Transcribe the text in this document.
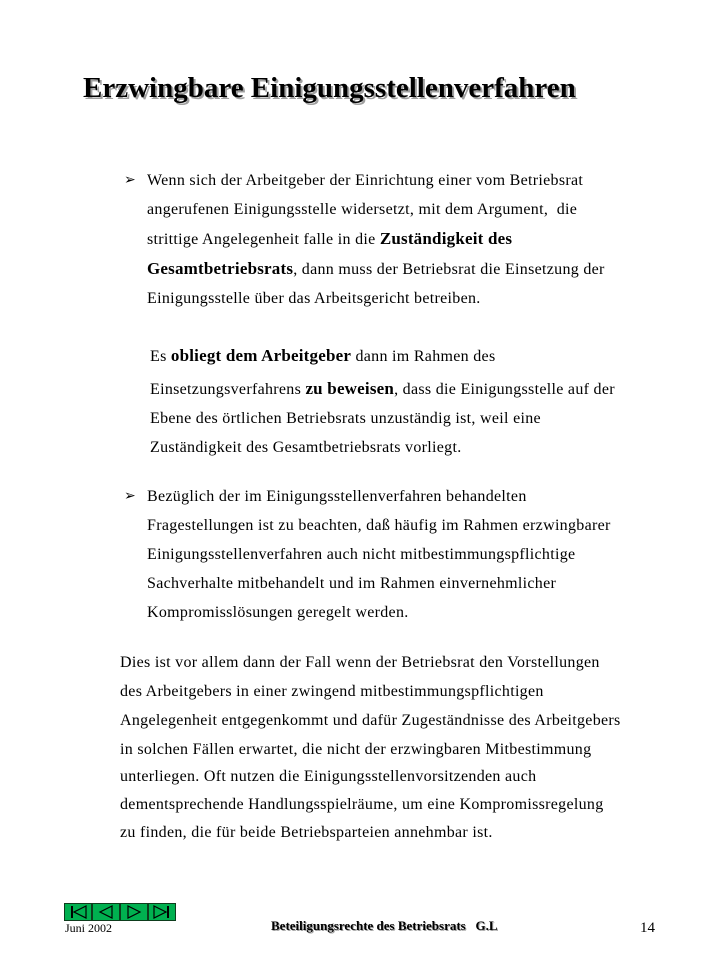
Erzwingbare Einigungsstellenverfahren
➢ Wenn sich der Arbeitgeber der Einrichtung einer vom Betriebsrat
angerufenen Einigungsstelle widersetzt, mit dem Argument,  die
strittige Angelegenheit falle in die Zuständigkeit des
Gesamtbetriebsrats, dann muss der Betriebsrat die Einsetzung der
Einigungsstelle über das Arbeitsgericht betreiben.
Es obliegt dem Arbeitgeber dann im Rahmen des
Einsetzungsverfahrens zu beweisen, dass die Einigungsstelle auf der
Ebene des örtlichen Betriebsrats unzuständig ist, weil eine
Zuständigkeit des Gesamtbetriebsrats vorliegt.
➢ Bezüglich der im Einigungsstellenverfahren behandelten
Fragestellungen ist zu beachten, daß häufig im Rahmen erzwingbarer
Einigungsstellenverfahren auch nicht mitbestimmungspflichtige
Sachverhalte mitbehandelt und im Rahmen einvernehmlicher
Kompromisslösungen geregelt werden.
Dies ist vor allem dann der Fall wenn der Betriebsrat den Vorstellungen
des Arbeitgebers in einer zwingend mitbestimmungspflichtigen
Angelegenheit entgegenkommt und dafür Zugeständnisse des Arbeitgebers
in solchen Fällen erwartet, die nicht der erzwingbaren Mitbestimmung
unterliegen. Oft nutzen die Einigungsstellenvorsitzenden auch
dementsprechende Handlungsspielräume, um eine Kompromissregelung
zu finden, die für beide Betriebsparteien annehmbar ist.
Juni 2002	Beteiligungsrechte des Betriebsrats   G.L	14
